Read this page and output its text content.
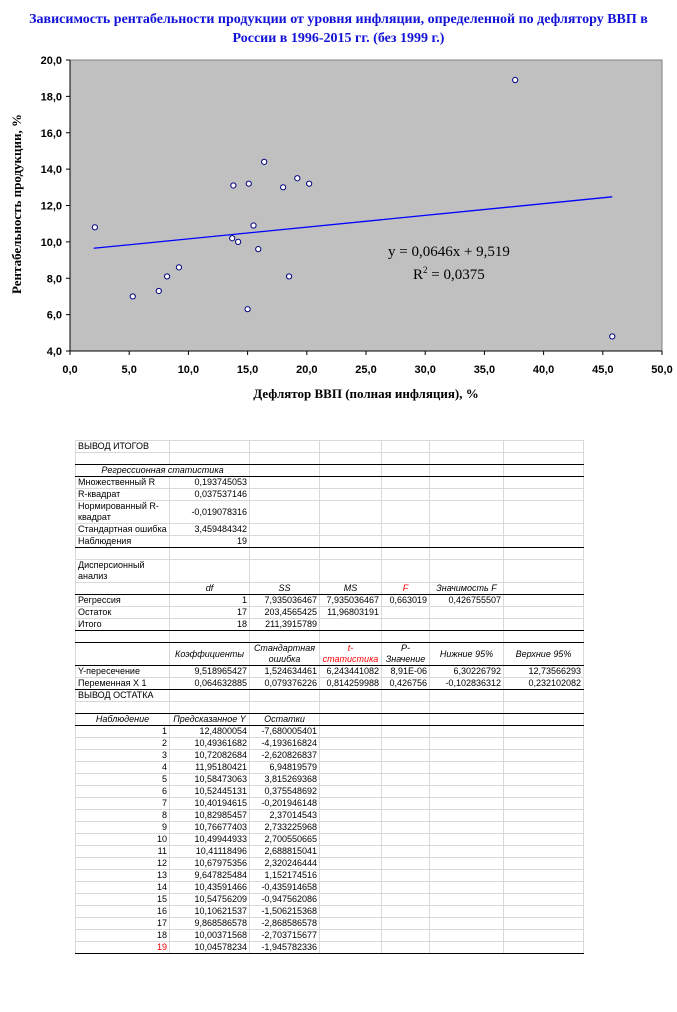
Зависимость рентабельности продукции от уровня инфляции, определенной по дефлятору ВВП в России в 1996-2015 гг. (без 1999 г.)
0,0	5,0	10,0	15,0	20,0	25,0	30,0	35,0	40,0	45,0	50,0
4,0
6,0
8,0
10,0
12,0
14,0
16,0
18,0
20,0
Рентабельность продукции, %
Дефлятор ВВП (полная инфляция), %
y = 0,0646x + 9,519
$R^2 = 0,0375$
ВЫВОД ИТОГОВ						

Регрессионная статистика						
Множественный R	0,193745053					
R-квадрат	0,037537146					
Нормированный R-квадрат	-0,019078316					
Стандартная ошибка	3,459484342					
Наблюдения	19					

Дисперсионный анализ						
	df	SS	MS	F	Значимость F	
Регрессия	1	7,935036467	7,935036467	0,663019	0,426755507	
Остаток	17	203,4565425	11,96803191			
Итого	18	211,3915789				

	Коэффициенты	Стандартная ошибка	t-статистика	P-Значение	Нижние 95%	Верхние 95%
Y-пересечение	9,518965427	1,524634461	6,243441082	8,91E-06	6,30226792	12,73566293
Переменная X 1	0,064632885	0,079376226	0,814259988	0,426756	-0,102836312	0,232102082
ВЫВОД ОСТАТКА						

Наблюдение	Предсказанное Y	Остатки				
1	12,4800054	-7,680005401				
2	10,49361682	-4,193616824				
3	10,72082684	-2,620826837				
4	11,95180421	6,94819579				
5	10,58473063	3,815269368				
6	10,52445131	0,375548692				
7	10,40194615	-0,201946148				
8	10,82985457	2,37014543				
9	10,76677403	2,733225968				
10	10,49944933	2,700550665				
11	10,41118496	2,688815041				
12	10,67975356	2,320246444				
13	9,647825484	1,152174516				
14	10,43591466	-0,435914658				
15	10,54756209	-0,947562086				
16	10,10621537	-1,506215368				
17	9,868586578	-2,868586578				
18	10,00371568	-2,703715677				
19	10,04578234	-1,945782336				
